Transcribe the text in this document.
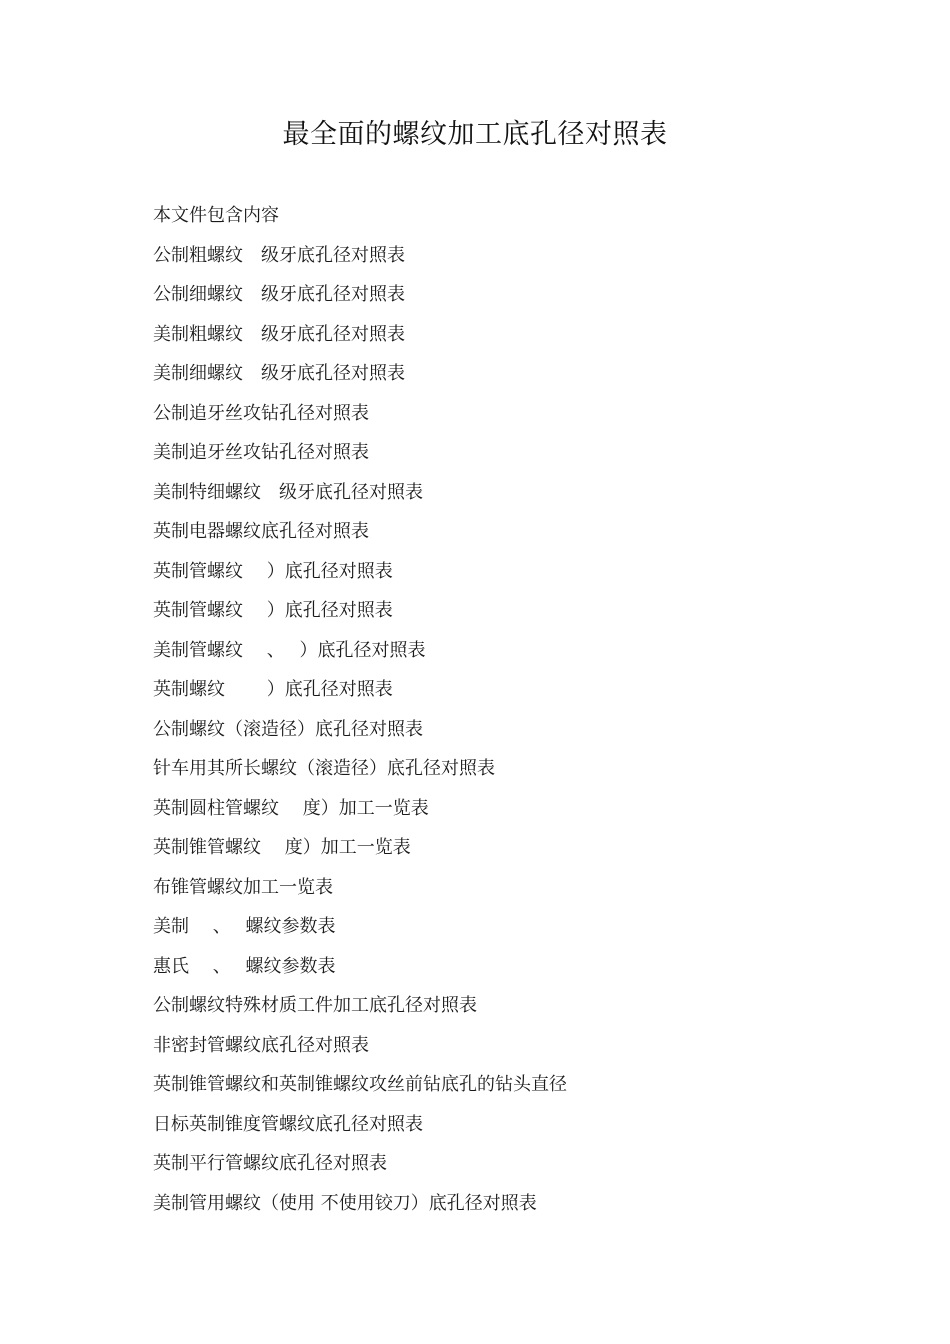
最全面的螺纹加工底孔径对照表
本文件包含内容
公制粗螺纹　级牙底孔径对照表
公制细螺纹　级牙底孔径对照表
美制粗螺纹　级牙底孔径对照表
美制细螺纹　级牙底孔径对照表
公制追牙丝攻钻孔径对照表
美制追牙丝攻钻孔径对照表
美制特细螺纹　级牙底孔径对照表
英制电器螺纹底孔径对照表
英制管螺纹　 ）底孔径对照表
英制管螺纹　 ）底孔径对照表
美制管螺纹　 、　 ）底孔径对照表
英制螺纹　　 ）底孔径对照表
公制螺纹（滚造径）底孔径对照表
针车用其所长螺纹（滚造径）底孔径对照表
英制圆柱管螺纹　 度）加工一览表
英制锥管螺纹　 度）加工一览表
布锥管螺纹加工一览表
美制　 、　 螺纹参数表
惠氏　 、　 螺纹参数表
公制螺纹特殊材质工件加工底孔径对照表
非密封管螺纹底孔径对照表
英制锥管螺纹和英制锥螺纹攻丝前钻底孔的钻头直径
日标英制锥度管螺纹底孔径对照表
英制平行管螺纹底孔径对照表
美制管用螺纹（使用 不使用铰刀）底孔径对照表
